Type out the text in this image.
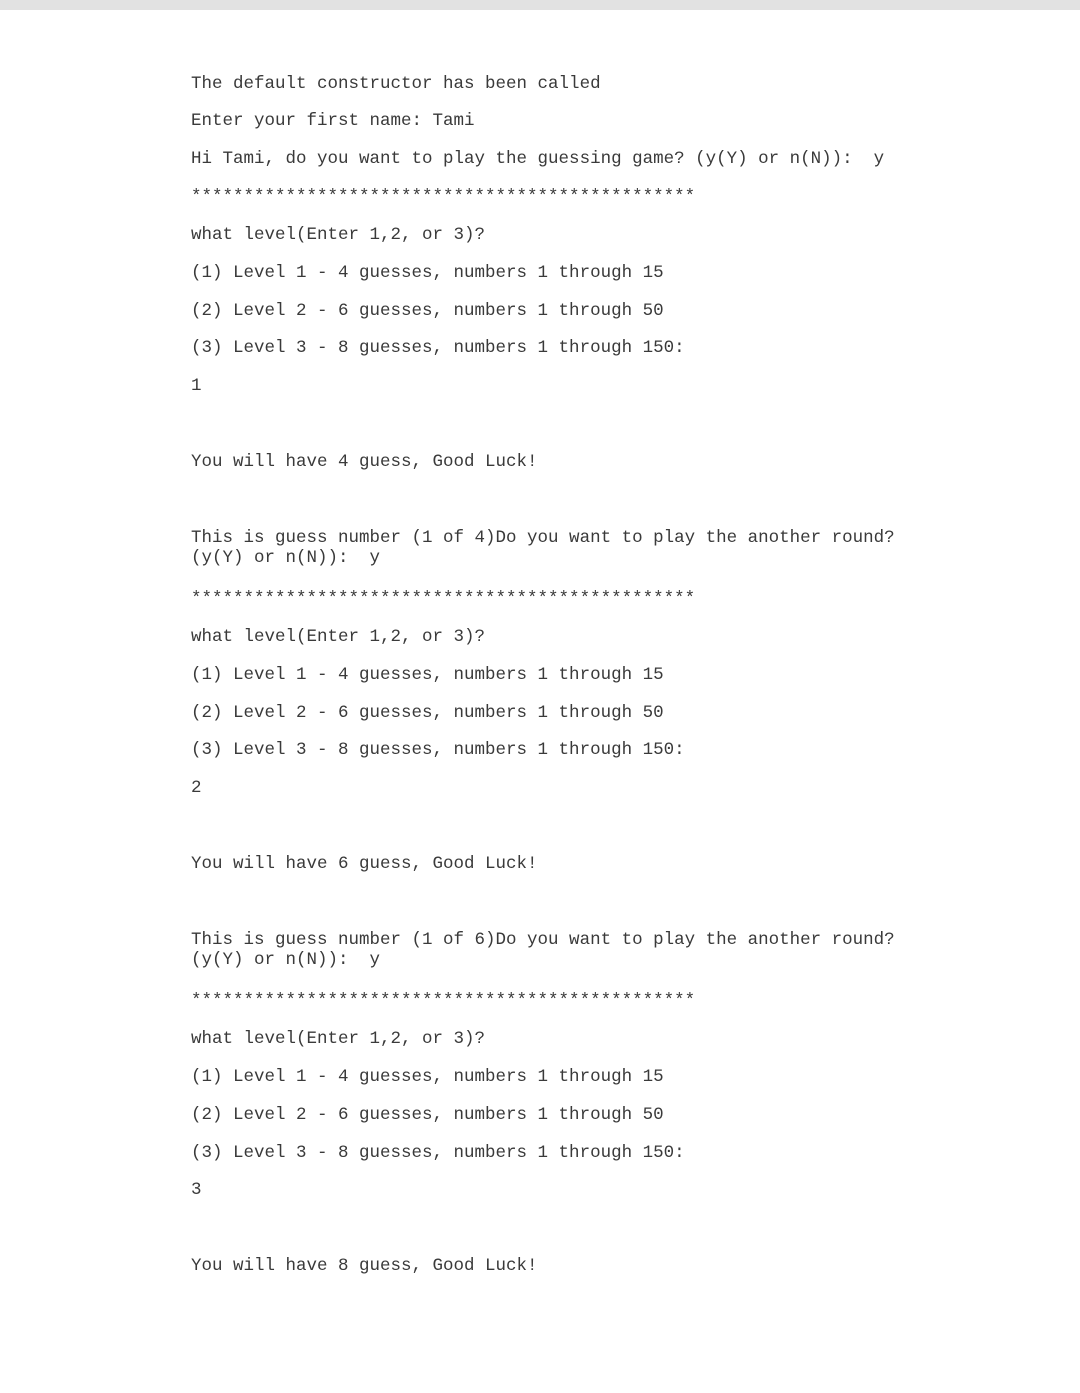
The default constructor has been called

Enter your first name: Tami

Hi Tami, do you want to play the guessing game? (y(Y) or n(N)):  y

************************************************

what level(Enter 1,2, or 3)?

(1) Level 1 - 4 guesses, numbers 1 through 15

(2) Level 2 - 6 guesses, numbers 1 through 50

(3) Level 3 - 8 guesses, numbers 1 through 150:

1

You will have 4 guess, Good Luck!

This is guess number (1 of 4)Do you want to play the another round?
(y(Y) or n(N)):  y

************************************************

what level(Enter 1,2, or 3)?

(1) Level 1 - 4 guesses, numbers 1 through 15

(2) Level 2 - 6 guesses, numbers 1 through 50

(3) Level 3 - 8 guesses, numbers 1 through 150:

2

You will have 6 guess, Good Luck!

This is guess number (1 of 6)Do you want to play the another round?
(y(Y) or n(N)):  y

************************************************

what level(Enter 1,2, or 3)?

(1) Level 1 - 4 guesses, numbers 1 through 15

(2) Level 2 - 6 guesses, numbers 1 through 50

(3) Level 3 - 8 guesses, numbers 1 through 150:

3

You will have 8 guess, Good Luck!
